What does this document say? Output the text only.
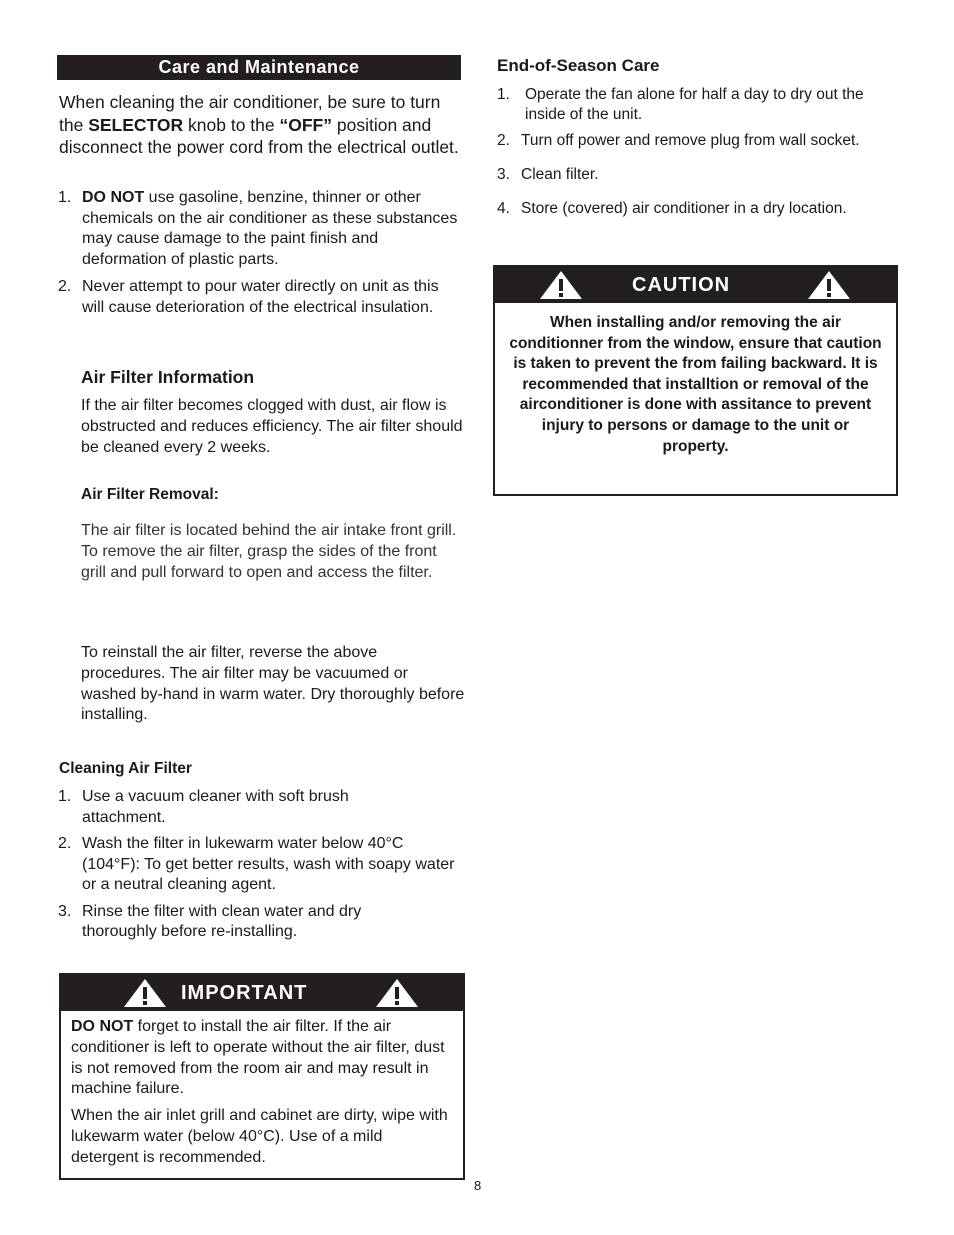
Care and Maintenance
When cleaning the air conditioner, be sure to turn the SELECTOR knob to the “OFF” position and disconnect the power cord from the electrical outlet.
1. DO NOT use gasoline, benzine, thinner or other chemicals on the air conditioner as these substances may cause damage to the paint finish and deformation of plastic parts.
2. Never attempt to pour water directly on unit as this will cause deterioration of the electrical insulation.
Air Filter Information
If the air filter becomes clogged with dust, air flow is obstructed and reduces efficiency. The air filter should be cleaned every 2 weeks.
Air Filter Removal:
The air filter is located behind the air intake front grill. To remove the air filter, grasp the sides of the front grill and pull forward to open and access the filter.
To reinstall the air filter, reverse the above procedures. The air filter may be vacuumed or washed by-hand in warm water. Dry thoroughly before installing.
Cleaning Air Filter
1. Use a vacuum cleaner with soft brush attachment.
2. Wash the filter in lukewarm water below 40°C (104°F): To get better results, wash with soapy water or a neutral cleaning agent.
3. Rinse the filter with clean water and dry thoroughly before re-installing.
IMPORTANT
DO NOT forget to install the air filter. If the air conditioner is left to operate without the air filter, dust is not removed from the room air and may result in machine failure.
When the air inlet grill and cabinet are dirty, wipe with lukewarm water (below 40°C). Use of a mild detergent is recommended.
End-of-Season Care
1. Operate the fan alone for half a day to dry out the inside of the unit.
2. Turn off power and remove plug from wall socket.
3. Clean filter.
4. Store (covered) air conditioner in a dry location.
CAUTION
When installing and/or removing the air conditionner from the window, ensure that caution is taken to prevent the from failing backward. It is recommended that installtion or removal of the airconditioner is done with assitance to prevent injury to persons or damage to the unit or property.
8
